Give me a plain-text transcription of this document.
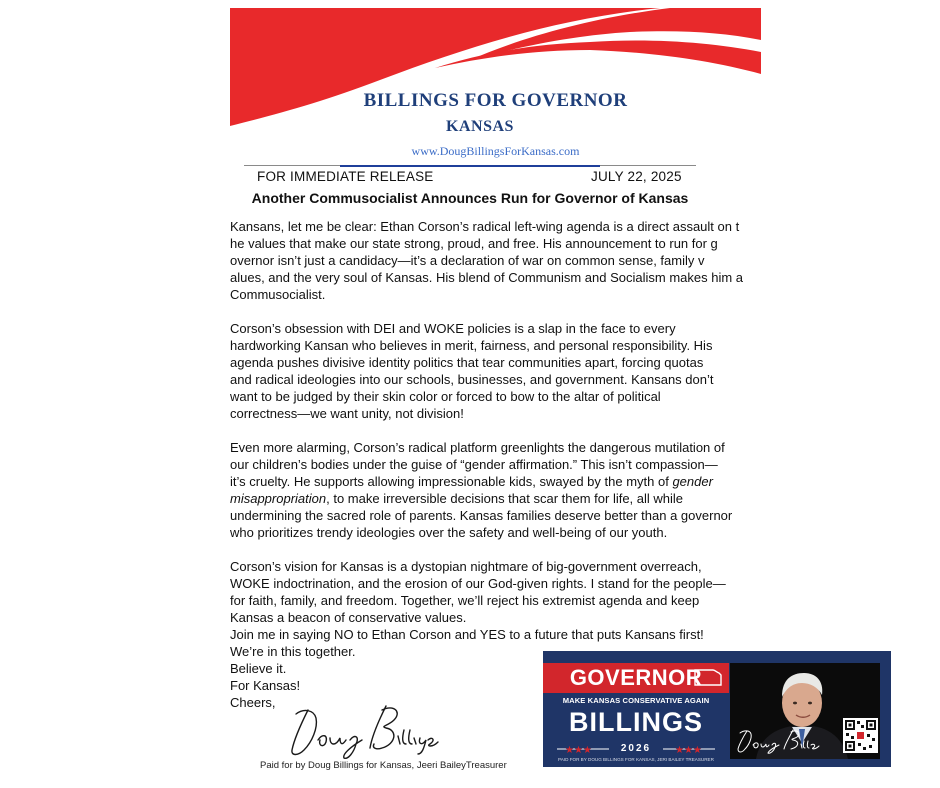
BILLINGS FOR GOVERNOR
KANSAS
www.DougBillingsForKansas.com
FOR IMMEDIATE RELEASE	JULY 22, 2025
Another Commusocialist Announces Run for Governor of Kansas

Kansans, let me be clear: Ethan Corson’s radical left-wing agenda is a direct assault on t

he values that make our state strong, proud, and free. His announcement to run for g

overnor isn’t just a candidacy—it’s a declaration of war on common sense, family v

alues, and the very soul of Kansas. His blend of Communism and Socialism makes him a

Commusocialist.

Corson’s obsession with DEI and WOKE policies is a slap in the face to every

hardworking Kansan who believes in merit, fairness, and personal responsibility. His

agenda pushes divisive identity politics that tear communities apart, forcing quotas

and radical ideologies into our schools, businesses, and government. Kansans don’t

want to be judged by their skin color or forced to bow to the altar of political

correctness—we want unity, not division!

Even more alarming, Corson’s radical platform greenlights the dangerous mutilation of

our children’s bodies under the guise of “gender affirmation.” This isn’t compassion—

it’s cruelty. He supports allowing impressionable kids, swayed by the myth of gender

misappropriation, to make irreversible decisions that scar them for life, all while

undermining the sacred role of parents. Kansas families deserve better than a governor

who prioritizes trendy ideologies over the safety and well-being of our youth.

Corson’s vision for Kansas is a dystopian nightmare of big-government overreach,

WOKE indoctrination, and the erosion of our God-given rights. I stand for the people—

for faith, family, and freedom. Together, we’ll reject his extremist agenda and keep

Kansas a beacon of conservative values.

Join me in saying NO to Ethan Corson and YES to a future that puts Kansans first!

We’re in this together.

Believe it.

For Kansas!

Cheers,

Paid for by Doug Billings for Kansas, Jeeri BaileyTreasurer
GOVERNOR
MAKE KANSAS CONSERVATIVE AGAIN
BILLINGS
★★★	★★★
2026
PAID FOR BY DOUG BILLINGS FOR KANSAS, JERI BAILEY TREASURER
